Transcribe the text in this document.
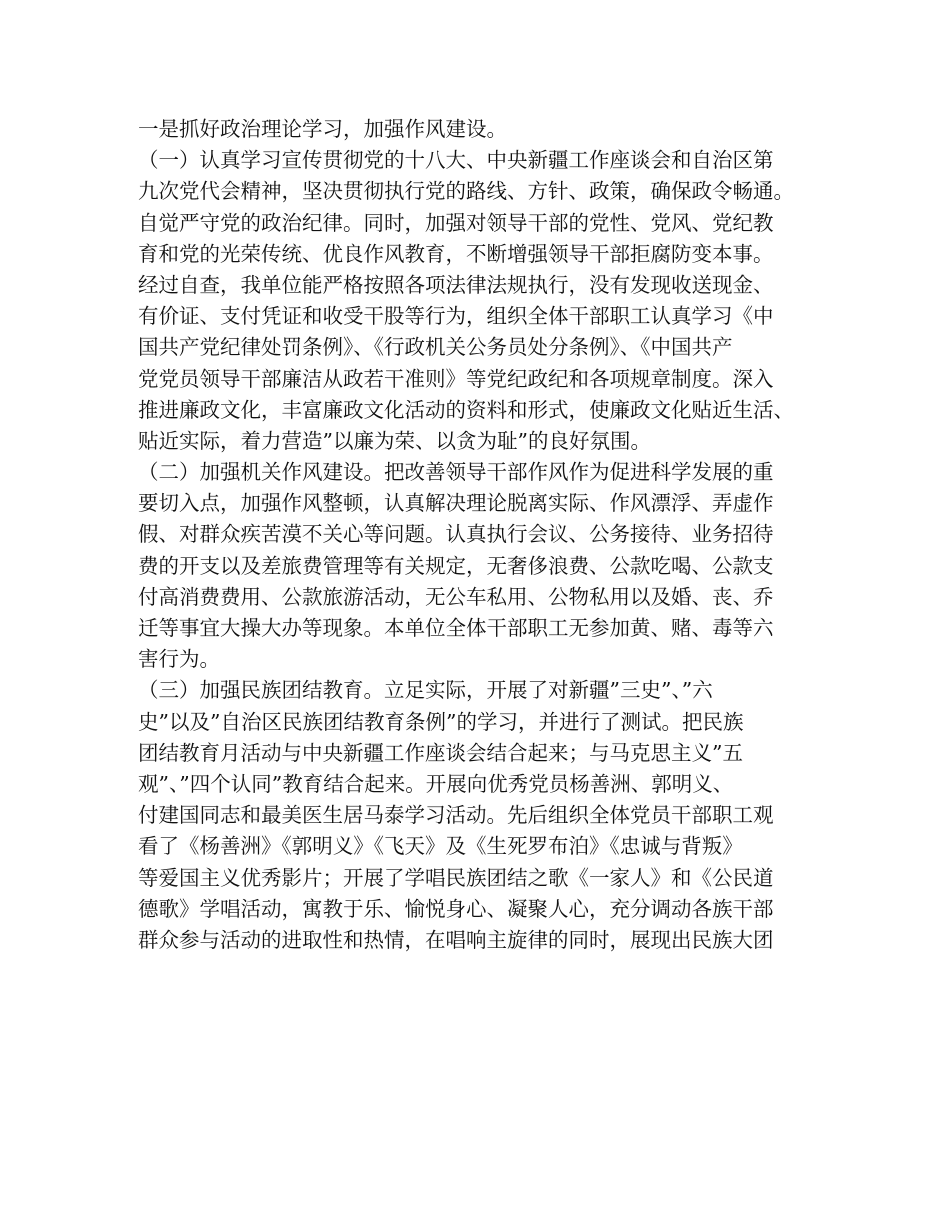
一是抓好政治理论学习，加强作风建设。
（一）认真学习宣传贯彻党的十八大、中央新疆工作座谈会和自治区第
九次党代会精神，坚决贯彻执行党的路线、方针、政策，确保政令畅通。
自觉严守党的政治纪律。同时，加强对领导干部的党性、党风、党纪教
育和党的光荣传统、优良作风教育，不断增强领导干部拒腐防变本事。
经过自查，我单位能严格按照各项法律法规执行，没有发现收送现金、
有价证、支付凭证和收受干股等行为，组织全体干部职工认真学习《中
国共产党纪律处罚条例》、《行政机关公务员处分条例》、《中国共产
党党员领导干部廉洁从政若干准则》等党纪政纪和各项规章制度。深入
推进廉政文化，丰富廉政文化活动的资料和形式，使廉政文化贴近生活、
贴近实际，着力营造”以廉为荣、以贪为耻”的良好氛围。
（二）加强机关作风建设。把改善领导干部作风作为促进科学发展的重
要切入点，加强作风整顿，认真解决理论脱离实际、作风漂浮、弄虚作
假、对群众疾苦漠不关心等问题。认真执行会议、公务接待、业务招待
费的开支以及差旅费管理等有关规定，无奢侈浪费、公款吃喝、公款支
付高消费费用、公款旅游活动，无公车私用、公物私用以及婚、丧、乔
迁等事宜大操大办等现象。本单位全体干部职工无参加黄、赌、毒等六
害行为。
（三）加强民族团结教育。立足实际，开展了对新疆”三史”、”六
史”以及”自治区民族团结教育条例”的学习，并进行了测试。把民族
团结教育月活动与中央新疆工作座谈会结合起来；与马克思主义”五
观”、”四个认同”教育结合起来。开展向优秀党员杨善洲、郭明义、
付建国同志和最美医生居马泰学习活动。先后组织全体党员干部职工观
看了《杨善洲》《郭明义》《飞天》及《生死罗布泊》《忠诚与背叛》
等爱国主义优秀影片；开展了学唱民族团结之歌《一家人》和《公民道
德歌》学唱活动，寓教于乐、愉悦身心、凝聚人心，充分调动各族干部
群众参与活动的进取性和热情，在唱响主旋律的同时，展现出民族大团
